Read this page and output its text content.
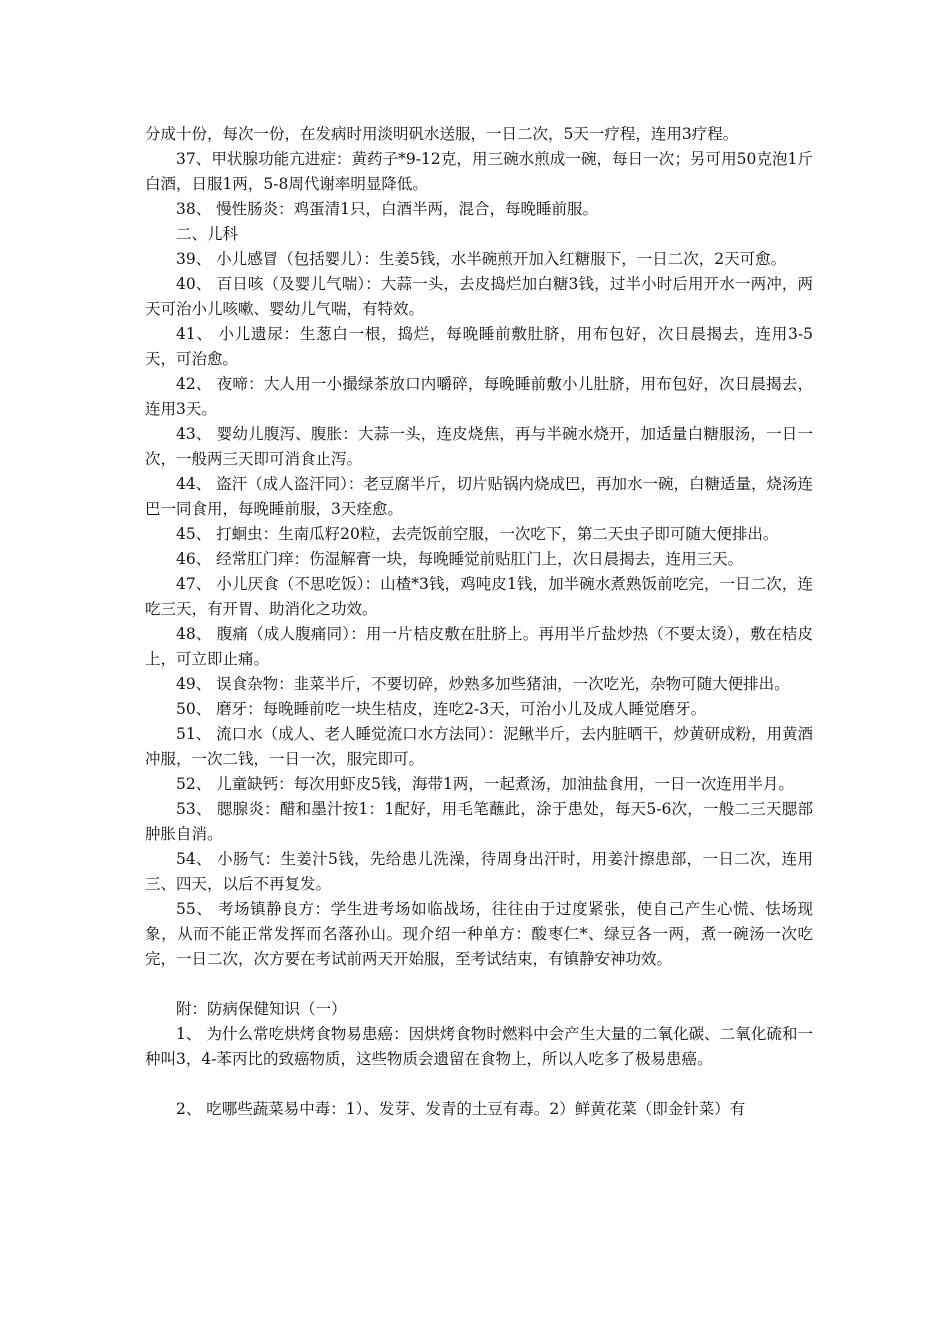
分成十份，每次一份，在发病时用淡明矾水送服，一日二次，5天一疗程，连用3疗程。

37、甲状腺功能亢进症：黄药子*9-12克，用三碗水煎成一碗，每日一次；另可用50克泡1斤白酒，日服1两，5-8周代谢率明显降低。

38、 慢性肠炎：鸡蛋清1只，白酒半两，混合，每晚睡前服。

二、儿科

39、 小儿感冒（包括婴儿）：生姜5钱，水半碗煎开加入红糖服下，一日二次，2天可愈。

40、 百日咳（及婴儿气喘）：大蒜一头，去皮捣烂加白糖3钱，过半小时后用开水一两冲，两天可治小儿咳嗽、婴幼儿气喘，有特效。

41、 小儿遗尿：生葱白一根，捣烂，每晚睡前敷肚脐，用布包好，次日晨揭去，连用3-5天，可治愈。

42、 夜啼：大人用一小撮绿茶放口内嚼碎，每晚睡前敷小儿肚脐，用布包好，次日晨揭去，连用3天。

43、 婴幼儿腹泻、腹胀：大蒜一头，连皮烧焦，再与半碗水烧开，加适量白糖服汤，一日一次，一般两三天即可消食止泻。

44、 盗汗（成人盗汗同）：老豆腐半斤，切片贴锅内烧成巴，再加水一碗，白糖适量，烧汤连巴一同食用，每晚睡前服，3天痊愈。

45、 打蛔虫：生南瓜籽20粒，去壳饭前空服，一次吃下，第二天虫子即可随大便排出。

46、 经常肛门痒：伤湿解膏一块，每晚睡觉前贴肛门上，次日晨揭去，连用三天。

47、 小儿厌食（不思吃饭）：山楂*3钱，鸡吨皮1钱，加半碗水煮熟饭前吃完，一日二次，连吃三天，有开胃、助消化之功效。

48、 腹痛（成人腹痛同）：用一片桔皮敷在肚脐上。再用半斤盐炒热（不要太烫），敷在桔皮上，可立即止痛。

49、 误食杂物：韭菜半斤，不要切碎，炒熟多加些猪油，一次吃光，杂物可随大便排出。

50、 磨牙：每晚睡前吃一块生桔皮，连吃2-3天，可治小儿及成人睡觉磨牙。

51、 流口水（成人、老人睡觉流口水方法同）：泥鳅半斤，去内脏晒干，炒黄研成粉，用黄酒冲服，一次二钱，一日一次，服完即可。

52、 儿童缺钙：每次用虾皮5钱，海带1两，一起煮汤，加油盐食用，一日一次连用半月。

53、 腮腺炎：醋和墨汁按1：1配好，用毛笔蘸此，涂于患处，每天5-6次，一般二三天腮部肿胀自消。

54、 小肠气：生姜汁5钱，先给患儿洗澡，待周身出汗时，用姜汁擦患部，一日二次，连用三、四天，以后不再复发。

55、 考场镇静良方：学生进考场如临战场，往往由于过度紧张，使自己产生心慌、怯场现象，从而不能正常发挥而名落孙山。现介绍一种单方：酸枣仁*、绿豆各一两，煮一碗汤一次吃完，一日二次，次方要在考试前两天开始服，至考试结束，有镇静安神功效。

附：防病保健知识（一）

1、 为什么常吃烘烤食物易患癌：因烘烤食物时燃料中会产生大量的二氧化碳、二氧化硫和一种叫3，4-苯丙比的致癌物质，这些物质会遗留在食物上，所以人吃多了极易患癌。

2、 吃哪些蔬菜易中毒：1）、发芽、发青的土豆有毒。2）鲜黄花菜（即金针菜）有
